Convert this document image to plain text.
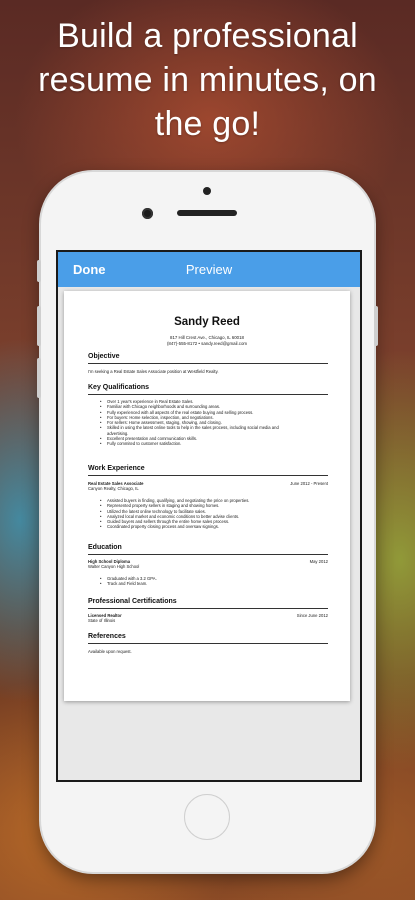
Build a professional resume in minutes, on the go!
Done	Preview
Sandy Reed
817 Hill Crest Ave., Chicago, IL 60018
(847)-555-8172 • sandy.reed@gmail.com
Objective
I'm seeking a Real Estate Sales Associate position at Westfield Realty.
Key Qualifications
• Over 1 year's experience in Real Estate Sales.
• Familiar with Chicago neighborhoods and surrounding areas.
• Fully experienced with all aspects of the real estate buying and selling process.
• For buyers: Home selection, inspection, and negotiations.
• For sellers: Home assessment, staging, showing, and closing.
• Skilled in using the latest online tools to help in the sales process, including social media and
advertising.
• Excellent presentation and communication skills.
• Fully commited to customer satisfaction.
Work Experience
Real Estate Sales Associate	June 2012 - Present
Canyon Realty, Chicago, IL
• Assisted buyers in finding, qualifying, and negotiating the price on properties.
• Represented property sellers in staging and showing homes.
• Utilized the latest online technology to facilitate sales.
• Analyzed local market and economic conditions to better advise clients.
• Guided buyers and sellers through the entire home sales process.
• Coordinated property closing process and oversaw signings.
Education
High School Diploma	May 2012
Walter Canyon High School
• Graduated with a 3.2 GPA.
• Track and Field team.
Professional Certifications
Licensed Realtor	Since June 2012
State of Illinois
References
Available upon request.
